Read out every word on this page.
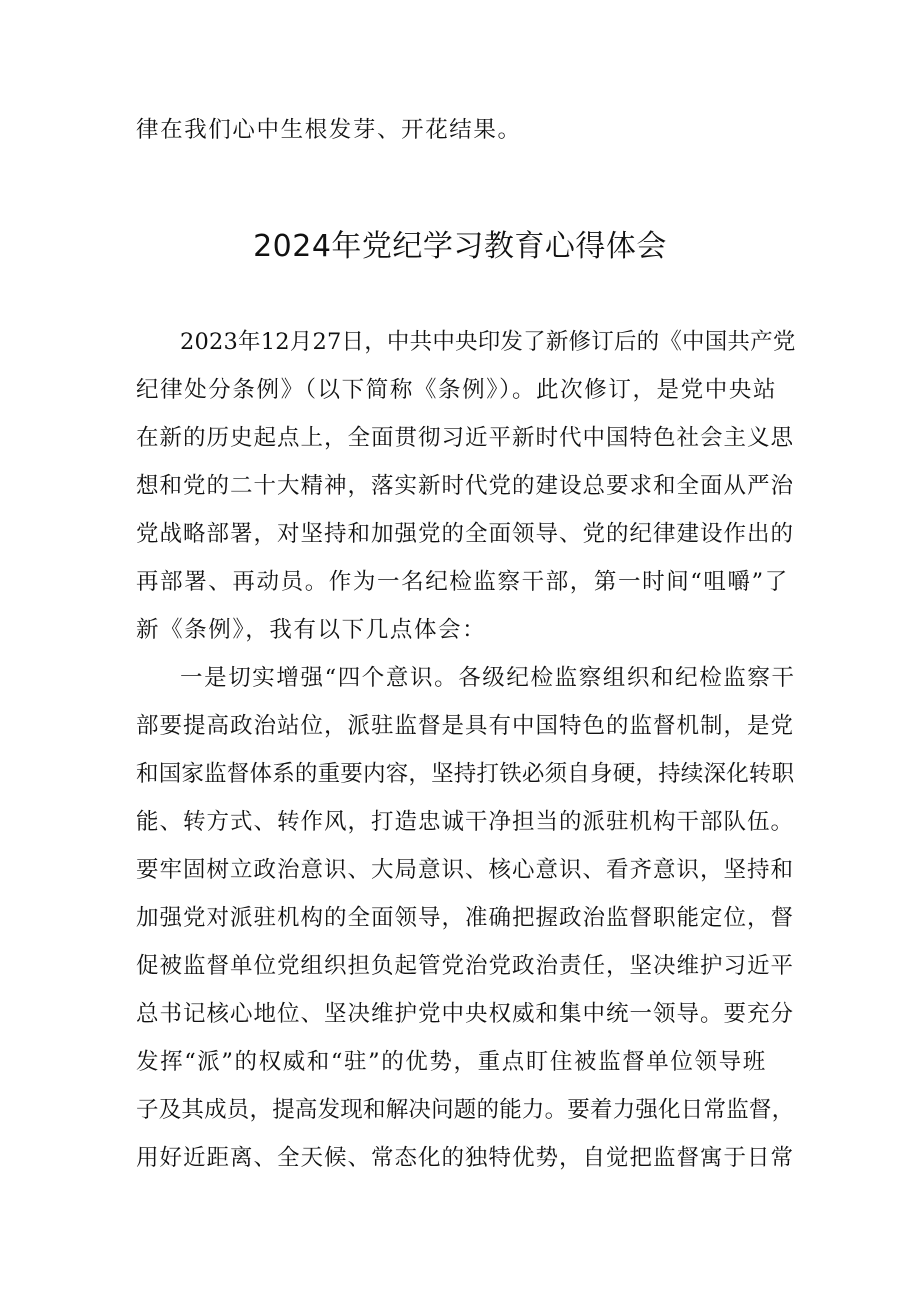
律在我们心中生根发芽、开花结果。
2024年党纪学习教育心得体会
2023年12月27日，中共中央印发了新修订后的《中国共产党
纪律处分条例》（以下简称《条例》）。此次修订，是党中央站
在新的历史起点上，全面贯彻习近平新时代中国特色社会主义思
想和党的二十大精神，落实新时代党的建设总要求和全面从严治
党战略部署，对坚持和加强党的全面领导、党的纪律建设作出的
再部署、再动员。作为一名纪检监察干部，第一时间“咀嚼”了
新《条例》，我有以下几点体会：
一是切实增强“四个意识。各级纪检监察组织和纪检监察干
部要提高政治站位，派驻监督是具有中国特色的监督机制，是党
和国家监督体系的重要内容，坚持打铁必须自身硬，持续深化转职
能、转方式、转作风，打造忠诚干净担当的派驻机构干部队伍。
要牢固树立政治意识、大局意识、核心意识、看齐意识，坚持和
加强党对派驻机构的全面领导，准确把握政治监督职能定位，督
促被监督单位党组织担负起管党治党政治责任，坚决维护习近平
总书记核心地位、坚决维护党中央权威和集中统一领导。要充分
发挥“派”的权威和“驻”的优势，重点盯住被监督单位领导班
子及其成员，提高发现和解决问题的能力。要着力强化日常监督，
用好近距离、全天候、常态化的独特优势，自觉把监督寓于日常
